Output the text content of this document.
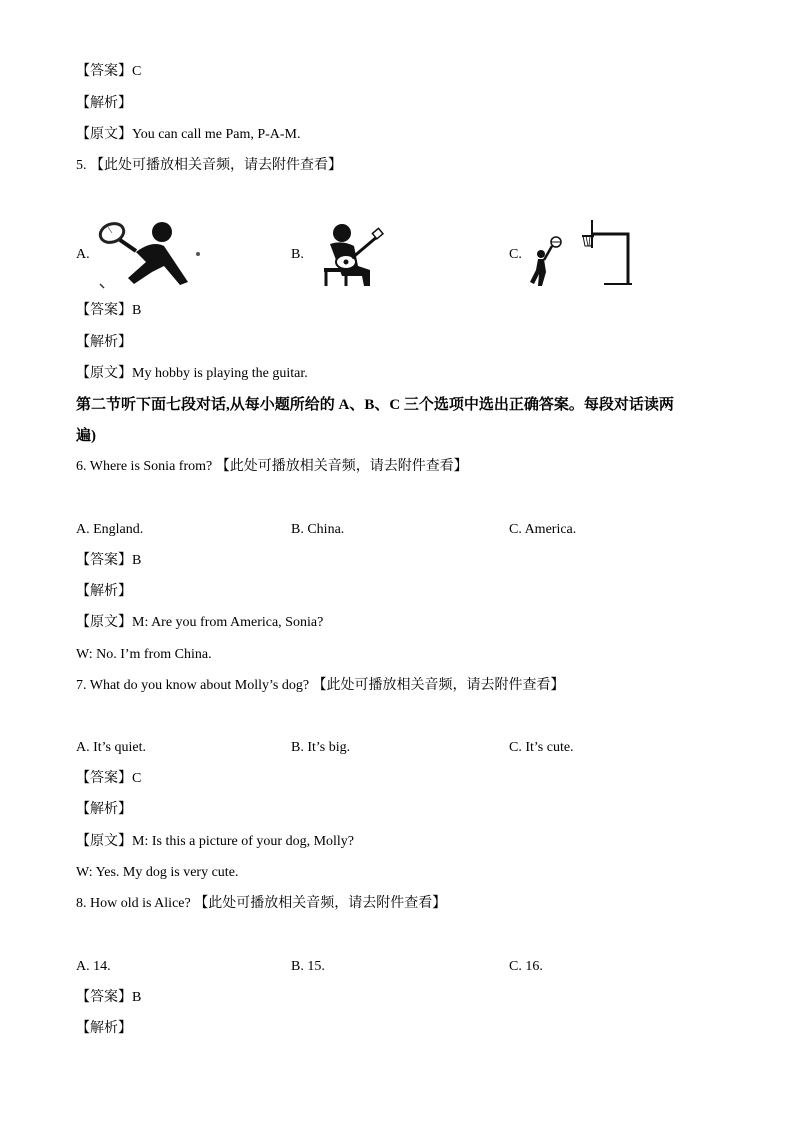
【答案】C
【解析】
【原文】You can call me Pam, P-A-M.
5. 【此处可播放相关音频，请去附件查看】
A.	B.	C.
【答案】B
【解析】
【原文】My hobby is playing the guitar.
第二节听下面七段对话,从每小题所给的 A、B、C 三个选项中选出正确答案。每段对话读两
遍)
6. Where is Sonia from? 【此处可播放相关音频，请去附件查看】
A. England.	B. China.	C. America.
【答案】B
【解析】
【原文】M: Are you from America, Sonia?
W: No. I’m from China.
7. What do you know about Molly’s dog? 【此处可播放相关音频，请去附件查看】
A. It’s quiet.	B. It’s big.	C. It’s cute.
【答案】C
【解析】
【原文】M: Is this a picture of your dog, Molly?
W: Yes. My dog is very cute.
8. How old is Alice? 【此处可播放相关音频，请去附件查看】
A. 14.	B. 15.	C. 16.
【答案】B
【解析】
